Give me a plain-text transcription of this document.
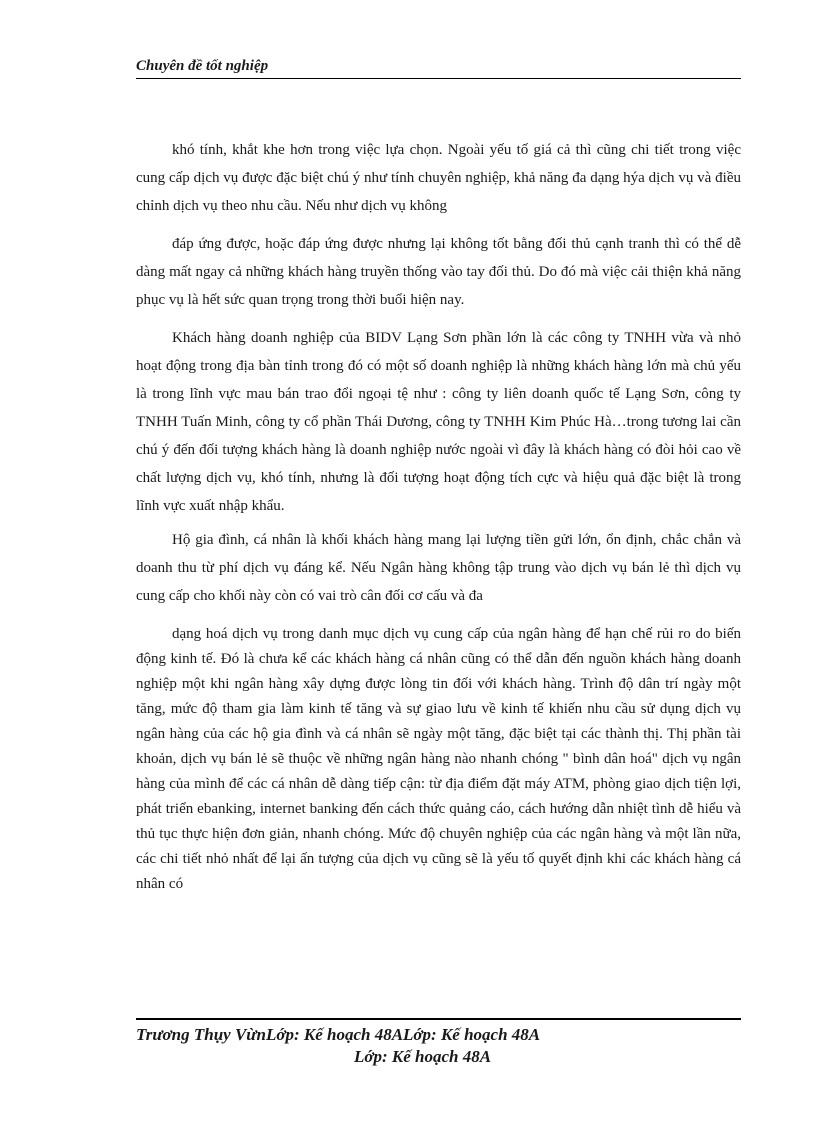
Chuyên đề tốt nghiệp

khó tính, khắt khe hơn trong việc lựa chọn. Ngoài yếu tố giá cả thì cũng chi tiết trong việc cung cấp dịch vụ được đặc biệt chú ý như tính chuyên nghiệp, khả năng đa dạng hýa dịch vụ và điều chỉnh dịch vụ theo nhu cầu. Nếu như dịch vụ không

đáp ứng được, hoặc đáp ứng được nhưng lại không tốt bằng đối thủ cạnh tranh thì có thể dễ dàng mất ngay cả những khách hàng truyền thống vào tay đối thủ. Do đó mà việc cải thiện khả năng phục vụ là hết sức quan trọng trong thời buổi hiện nay.

Khách hàng doanh nghiệp của BIDV Lạng Sơn phần lớn là các công ty TNHH vừa và nhỏ hoạt động trong địa bàn tỉnh trong đó có một số doanh nghiệp là những khách hàng lớn mà chủ yếu là trong lĩnh vực mau bán trao đổi ngoại tệ như : công ty liên doanh quốc tế Lạng Sơn, công ty TNHH Tuấn Minh, công ty cổ phần Thái Dương, công ty TNHH Kim Phúc Hà…trong tương lai cần chú ý đến đối tượng khách hàng là doanh nghiệp nước ngoài vì đây là khách hàng có đòi hỏi cao về chất lượng dịch vụ, khó tính, nhưng là đối tượng hoạt động tích cực và hiệu quả đặc biệt là trong lĩnh vực xuất nhập khẩu.

Hộ gia đình, cá nhân là khối khách hàng mang lại lượng tiền gửi lớn, ổn định, chắc chắn và doanh thu từ phí dịch vụ đáng kể. Nếu Ngân hàng không tập trung vào dịch vụ bán lẻ thì dịch vụ cung cấp cho khối này còn có vai trò cân đối cơ cấu và đa

dạng hoá dịch vụ trong danh mục dịch vụ cung cấp của ngân hàng để hạn chế rủi ro do biến động kinh tế. Đó là chưa kể các khách hàng cá nhân cũng có thể dẫn đến nguồn khách hàng doanh nghiệp một khi ngân hàng xây dựng được lòng tin đối với khách hàng. Trình độ dân trí ngày một tăng, mức độ tham gia làm kinh tế tăng và sự giao lưu về kinh tế khiến nhu cầu sử dụng dịch vụ ngân hàng của các hộ gia đình và cá nhân sẽ ngày một tăng, đặc biệt tại các thành thị. Thị phần tài khoản, dịch vụ bán lẻ sẽ thuộc về những ngân hàng nào nhanh chóng " bình dân hoá" dịch vụ ngân hàng của mình để các cá nhân dễ dàng tiếp cận: từ địa điểm đặt máy ATM, phòng giao dịch tiện lợi, phát triển ebanking, internet banking đến cách thức quảng cáo, cách hướng dẫn nhiệt tình dễ hiểu và thủ tục thực hiện đơn giản, nhanh chóng. Mức độ chuyên nghiệp của các ngân hàng và một lần nữa, các chi tiết nhỏ nhất để lại ấn tượng của dịch vụ cũng sẽ là yếu tố quyết định khi các khách hàng cá nhân có

Trương Thụy VừnLớp: Kế hoạch 48ALớp: Kế hoạch 48A
Lớp: Kế hoạch 48A
